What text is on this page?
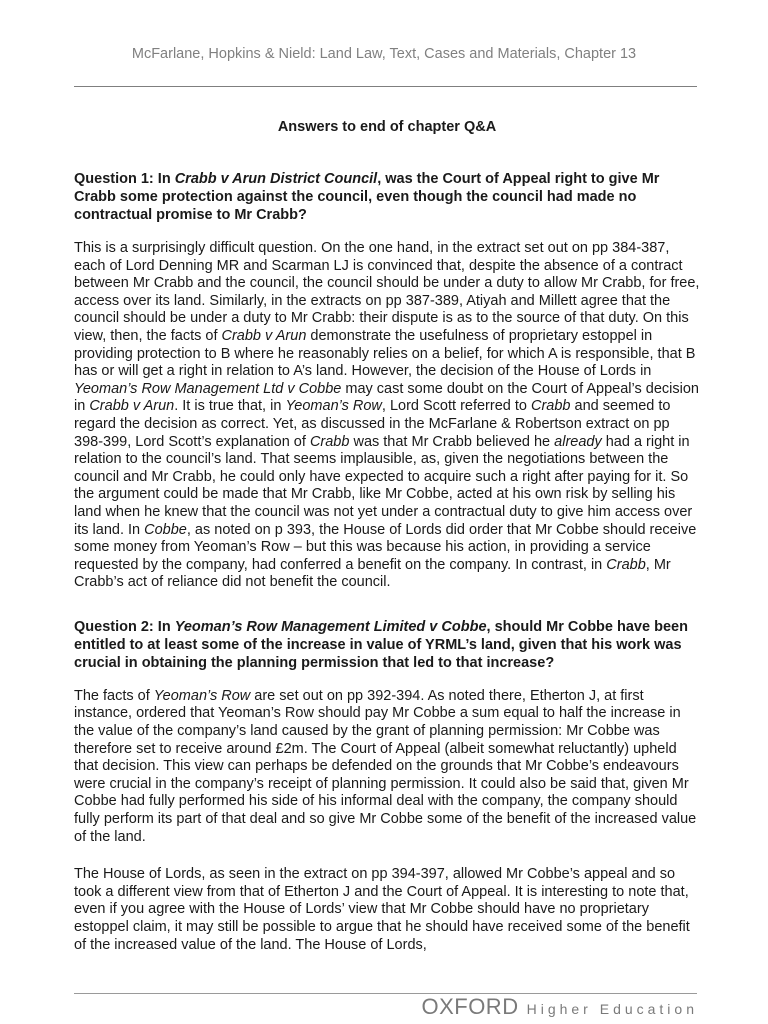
McFarlane, Hopkins & Nield: Land Law, Text, Cases and Materials, Chapter 13
Answers to end of chapter Q&A

Question 1: In Crabb v Arun District Council, was the Court of Appeal right to give Mr Crabb some protection against the council, even though the council had made no contractual promise to Mr Crabb?

This is a surprisingly difficult question. On the one hand, in the extract set out on pp 384-387, each of Lord Denning MR and Scarman LJ is convinced that, despite the absence of a contract between Mr Crabb and the council, the council should be under a duty to allow Mr Crabb, for free, access over its land. Similarly, in the extracts on pp 387-389, Atiyah and Millett agree that the council should be under a duty to Mr Crabb: their dispute is as to the source of that duty. On this view, then, the facts of Crabb v Arun demonstrate the usefulness of proprietary estoppel in providing protection to B where he reasonably relies on a belief, for which A is responsible, that B has or will get a right in relation to A’s land. However, the decision of the House of Lords in Yeoman’s Row Management Ltd v Cobbe may cast some doubt on the Court of Appeal’s decision in Crabb v Arun. It is true that, in Yeoman’s Row, Lord Scott referred to Crabb and seemed to regard the decision as correct. Yet, as discussed in the McFarlane & Robertson extract on pp 398-399, Lord Scott’s explanation of Crabb was that Mr Crabb believed he already had a right in relation to the council’s land. That seems implausible, as, given the negotiations between the council and Mr Crabb, he could only have expected to acquire such a right after paying for it. So the argument could be made that Mr Crabb, like Mr Cobbe, acted at his own risk by selling his land when he knew that the council was not yet under a contractual duty to give him access over its land. In Cobbe, as noted on p 393, the House of Lords did order that Mr Cobbe should receive some money from Yeoman’s Row – but this was because his action, in providing a service requested by the company, had conferred a benefit on the company. In contrast, in Crabb, Mr Crabb’s act of reliance did not benefit the council.

Question 2: In Yeoman’s Row Management Limited v Cobbe, should Mr Cobbe have been entitled to at least some of the increase in value of YRML’s land, given that his work was crucial in obtaining the planning permission that led to that increase?

The facts of Yeoman’s Row are set out on pp 392-394. As noted there, Etherton J, at first instance, ordered that Yeoman’s Row should pay Mr Cobbe a sum equal to half the increase in the value of the company’s land caused by the grant of planning permission: Mr Cobbe was therefore set to receive around £2m. The Court of Appeal (albeit somewhat reluctantly) upheld that decision. This view can perhaps be defended on the grounds that Mr Cobbe’s endeavours were crucial in the company’s receipt of planning permission. It could also be said that, given Mr Cobbe had fully performed his side of his informal deal with the company, the company should fully perform its part of that deal and so give Mr Cobbe some of the benefit of the increased value of the land.

The House of Lords, as seen in the extract on pp 394-397, allowed Mr Cobbe’s appeal and so took a different view from that of Etherton J and the Court of Appeal. It is interesting to note that, even if you agree with the House of Lords’ view that Mr Cobbe should have no proprietary estoppel claim, it may still be possible to argue that he should have received some of the benefit of the increased value of the land. The House of Lords,

OXFORD Higher Education
